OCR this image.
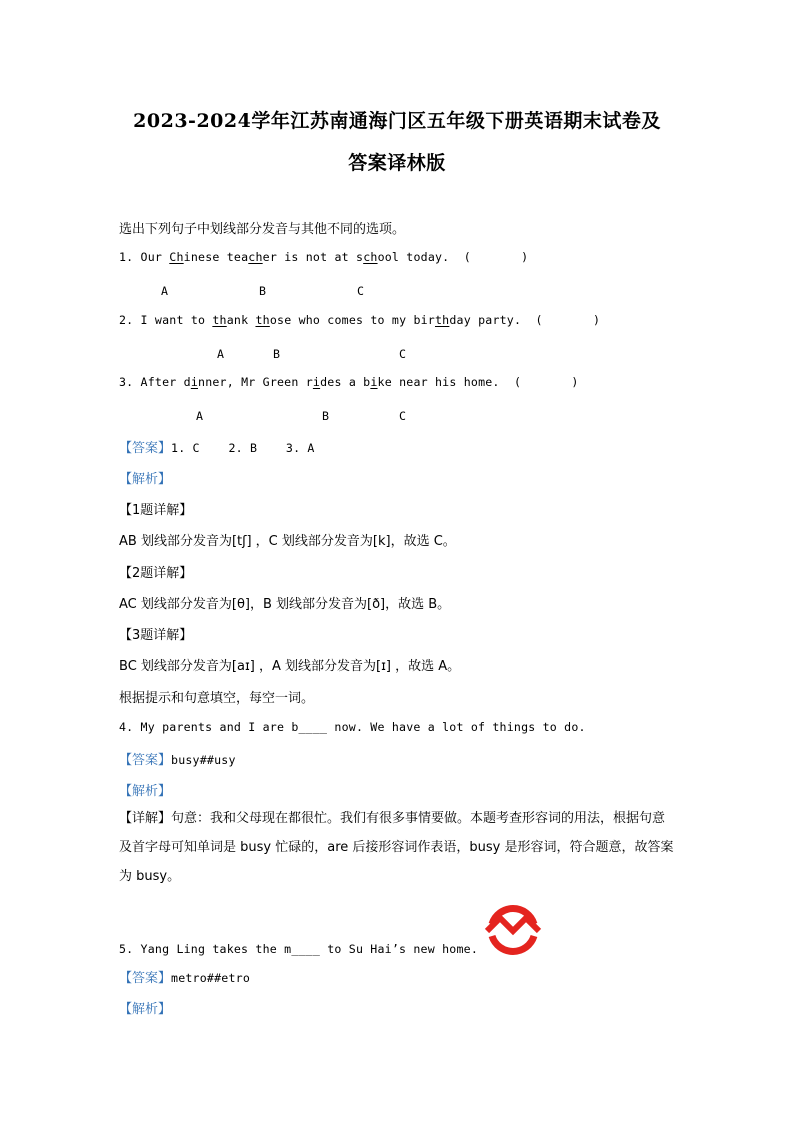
2023-2024学年江苏南通海门区五年级下册英语期末试卷及
答案译林版
选出下列句子中划线部分发音与其他不同的选项。
1. Our Chinese teacher is not at school today.  (       )
A	B	C
2. I want to thank those who comes to my birthday party.  (       )
A	B	C
3. After dinner, Mr Green rides a bike near his home.  (       )
A	B	C
【答案】1. C    2. B    3. A
【解析】
【1题详解】
AB 划线部分发音为[tʃ] ，C 划线部分发音为[k]，故选 C。
【2题详解】
AC 划线部分发音为[θ]，B 划线部分发音为[ð]，故选 B。
【3题详解】
BC 划线部分发音为[aɪ] ，A 划线部分发音为[ɪ] ，故选 A。
根据提示和句意填空，每空一词。
4. My parents and I are b____ now. We have a lot of things to do.
【答案】busy##usy
【解析】
【详解】句意：我和父母现在都很忙。我们有很多事情要做。本题考查形容词的用法，根据句意及首字母可知单词是 busy 忙碌的，are 后接形容词作表语，busy 是形容词，符合题意，故答案为 busy。
5. Yang Ling takes the m____ to Su Hai’s new home.
【答案】metro##etro
【解析】
